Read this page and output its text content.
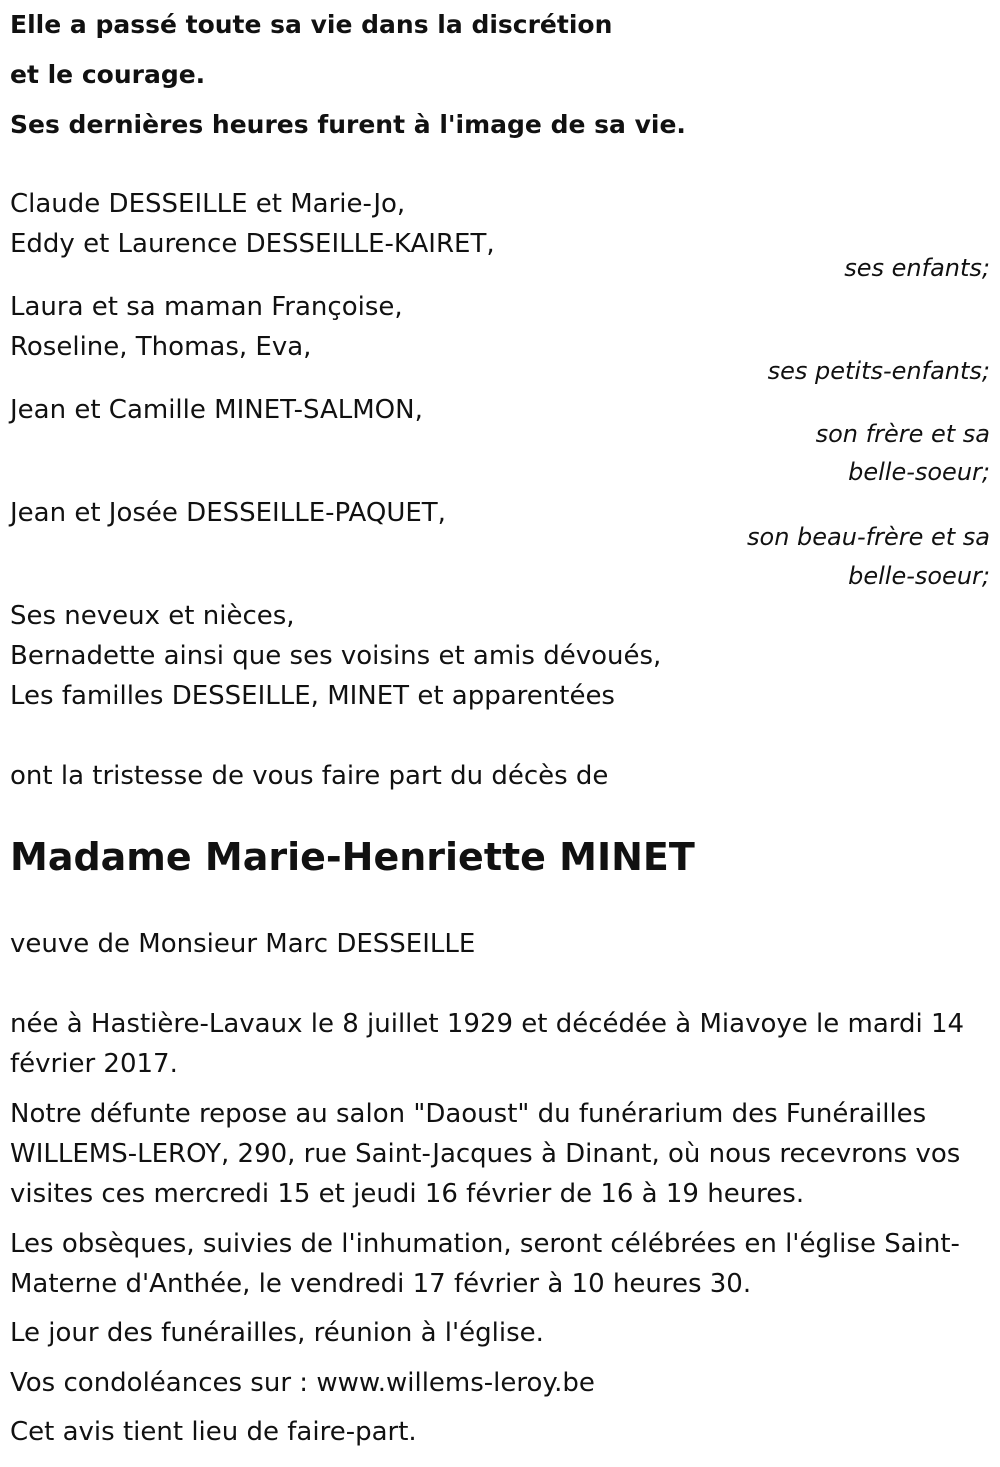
Elle a passé toute sa vie dans la discrétion
et le courage.
Ses dernières heures furent à l'image de sa vie.
Claude DESSEILLE et Marie-Jo,
Eddy et Laurence DESSEILLE-KAIRET,
ses enfants;
Laura et sa maman Françoise,
Roseline, Thomas, Eva,
ses petits-enfants;
Jean et Camille MINET-SALMON,
son frère et sa
belle-soeur;
Jean et Josée DESSEILLE-PAQUET,
son beau-frère et sa
belle-soeur;
Ses neveux et nièces,
Bernadette ainsi que ses voisins et amis dévoués,
Les familles DESSEILLE, MINET et apparentées
ont la tristesse de vous faire part du décès de
Madame Marie-Henriette MINET
veuve de Monsieur Marc DESSEILLE
née à Hastière-Lavaux le 8 juillet 1929 et décédée à Miavoye le mardi 14 février 2017.
Notre défunte repose au salon "Daoust" du funérarium des Funérailles WILLEMS-LEROY, 290, rue Saint-Jacques à Dinant, où nous recevrons vos visites ces mercredi 15 et jeudi 16 février de 16 à 19 heures.
Les obsèques, suivies de l'inhumation, seront célébrées en l'église Saint-Materne d'Anthée, le vendredi 17 février à 10 heures 30.
Le jour des funérailles, réunion à l'église.
Vos condoléances sur : www.willems-leroy.be
Cet avis tient lieu de faire-part.
